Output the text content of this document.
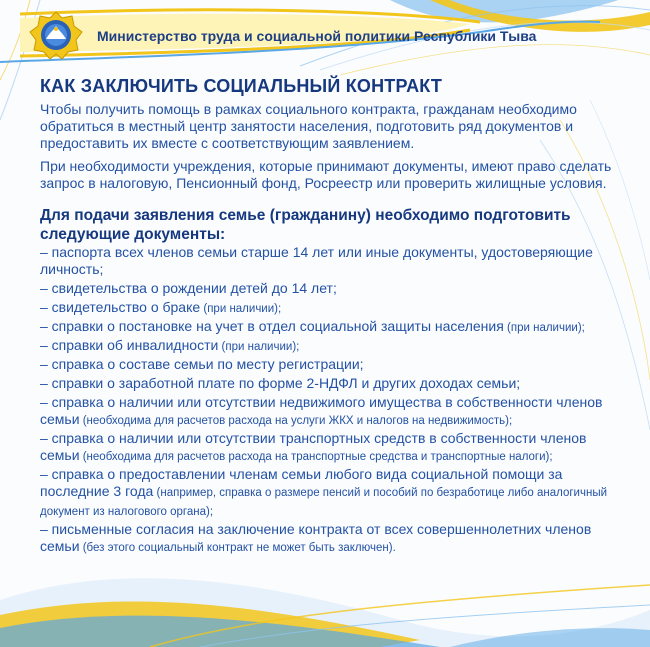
Министерство труда и социальной политики Республики Тыва
КАК ЗАКЛЮЧИТЬ СОЦИАЛЬНЫЙ КОНТРАКТ

Чтобы получить помощь в рамках социального контракта, гражданам необходимо обратиться в местный центр занятости населения, подготовить ряд документов и предоставить их вместе с соответствующим заявлением.

При необходимости учреждения, которые принимают документы, имеют право сделать запрос в налоговую, Пенсионный фонд, Росреестр или проверить жилищные условия.

Для подачи заявления семье (гражданину) необходимо подготовить следующие документы:
– паспорта всех членов семьи старше 14 лет или иные документы, удостоверяющие личность;
– свидетельства о рождении детей до 14 лет;
– свидетельство о браке (при наличии);
– справки о постановке на учет в отдел социальной защиты населения (при наличии);
– справки об инвалидности (при наличии);
– справка о составе семьи по месту регистрации;
– справки о заработной плате по форме 2-НДФЛ и других доходах семьи;
– справка о наличии или отсутствии недвижимого имущества в собственности членов семьи (необходима для расчетов расхода на услуги ЖКХ и налогов на недвижимость);
– справка о наличии или отсутствии транспортных средств в собственности членов семьи (необходима для расчетов расхода на транспортные средства и транспортные налоги);
– справка о предоставлении членам семьи любого вида социальной помощи за последние 3 года (например, справка о размере пенсий и пособий по безработице либо аналогичный документ из налогового органа);
– письменные согласия на заключение контракта от всех совершеннолетних членов семьи (без этого социальный контракт не может быть заключен).
